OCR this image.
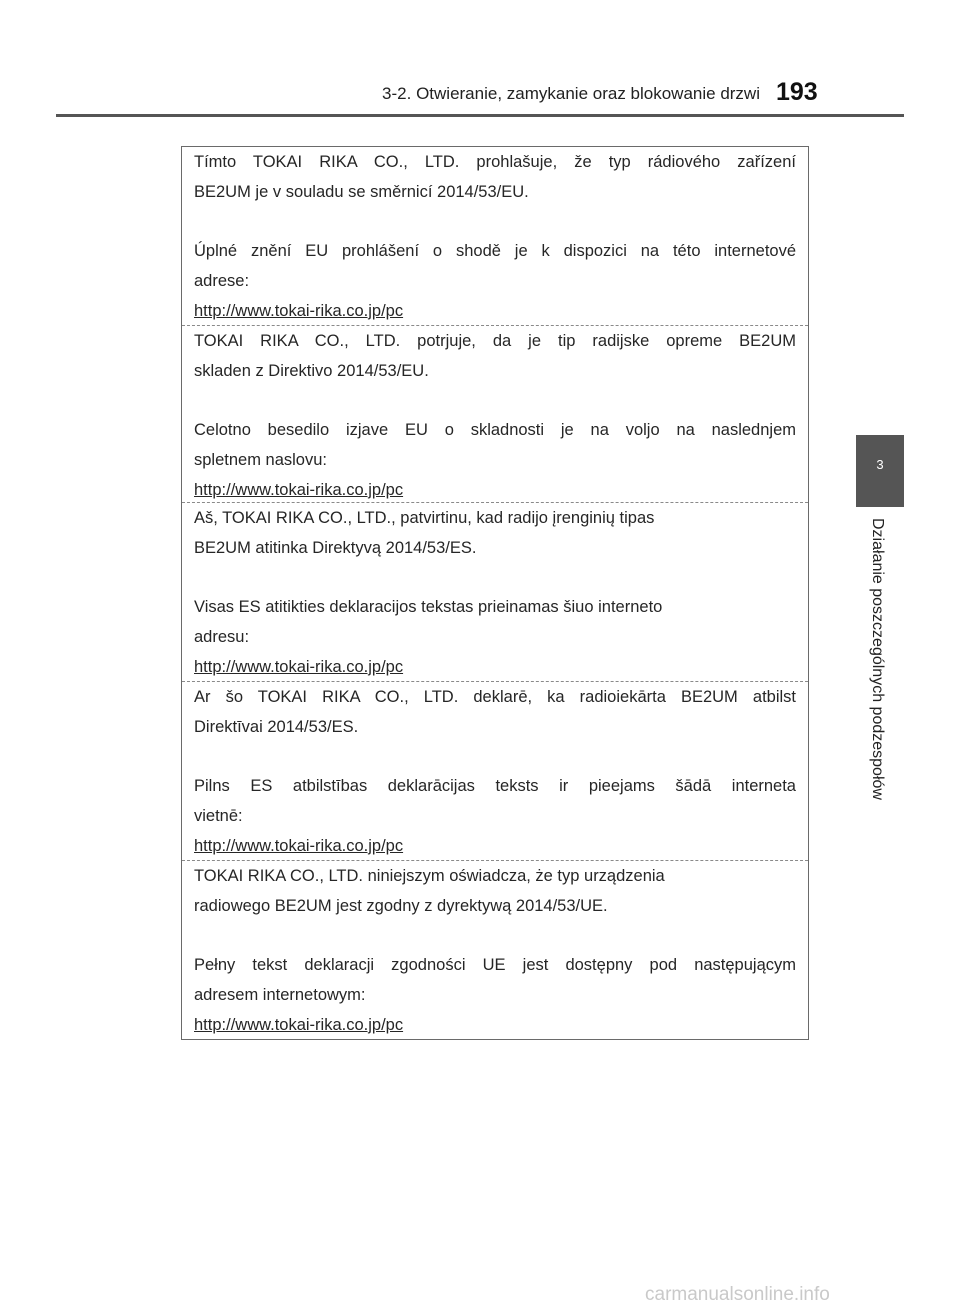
3-2. Otwieranie, zamykanie oraz blokowanie drzwi 193
3
Działanie poszczególnych podzespołów

Tímto TOKAI RIKA CO., LTD. prohlašuje, že typ rádiového zařízení
BE2UM je v souladu se směrnicí 2014/53/EU.

Úplné znění EU prohlášení o shodě je k dispozici na této internetové
adrese:
http://www.tokai-rika.co.jp/pc

TOKAI RIKA CO., LTD. potrjuje, da je tip radijske opreme BE2UM
skladen z Direktivo 2014/53/EU.

Celotno besedilo izjave EU o skladnosti je na voljo na naslednjem
spletnem naslovu:
http://www.tokai-rika.co.jp/pc

Aš, TOKAI RIKA CO., LTD., patvirtinu, kad radijo įrenginių tipas
BE2UM atitinka Direktyvą 2014/53/ES.

Visas ES atitikties deklaracijos tekstas prieinamas šiuo interneto
adresu:
http://www.tokai-rika.co.jp/pc

Ar šo TOKAI RIKA CO., LTD. deklarē, ka radioiekārta BE2UM atbilst
Direktīvai 2014/53/ES.

Pilns ES atbilstības deklarācijas teksts ir pieejams šādā interneta
vietnē:
http://www.tokai-rika.co.jp/pc

TOKAI RIKA CO., LTD. niniejszym oświadcza, że typ urządzenia
radiowego BE2UM jest zgodny z dyrektywą 2014/53/UE.

Pełny tekst deklaracji zgodności UE jest dostępny pod następującym
adresem internetowym:
http://www.tokai-rika.co.jp/pc

carmanualsonline.info
